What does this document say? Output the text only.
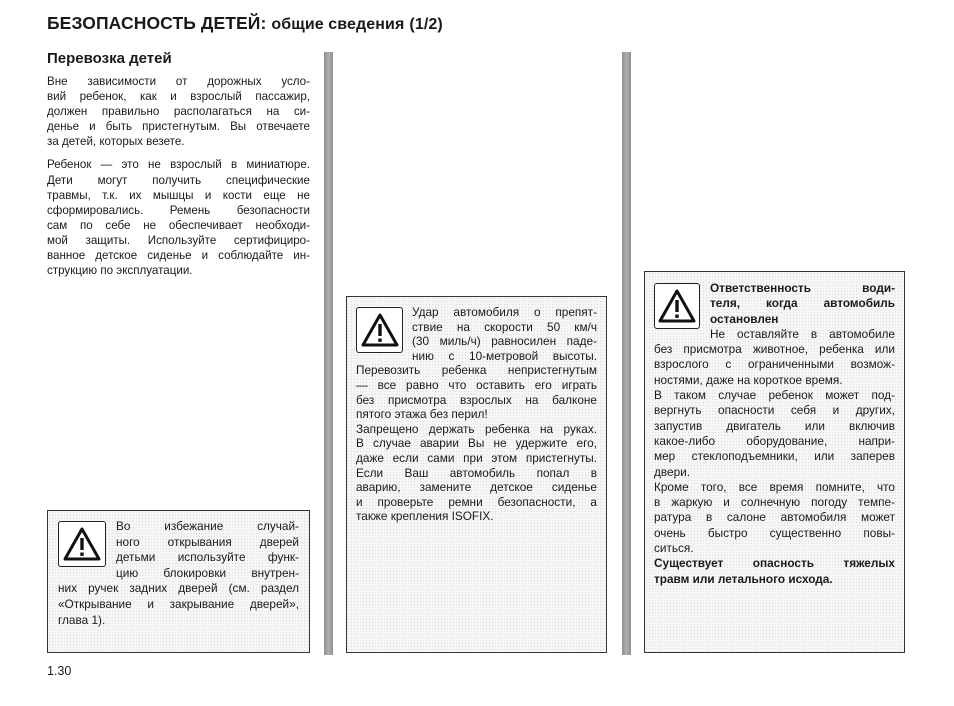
БЕЗОПАСНОСТЬ ДЕТЕЙ: общие сведения (1/2)
Перевозка детей

Вне зависимости от дорожных усло-
вий ребенок, как и взрослый пассажир,
должен правильно располагаться на си-
денье и быть пристегнутым. Вы отвечаете
за детей, которых везете.

Ребенок — это не взрослый в миниатюре.
Дети могут получить специфические
травмы, т.к. их мышцы и кости еще не
сформировались. Ремень безопасности
сам по себе не обеспечивает необходи-
мой защиты. Используйте сертифициро-
ванное детское сиденье и соблюдайте ин-
струкцию по эксплуатации.

Во избежание случай-
ного открывания дверей
детьми используйте функ-
цию блокировки внутрен-
них ручек задних дверей (см. раздел
«Открывание и закрывание дверей»,
глава 1).
Удар автомобиля о препят-
ствие на скорости 50 км/ч
(30 миль/ч) равносилен паде-
нию с 10-метровой высоты.
Перевозить ребенка непристегнутым
— все равно что оставить его играть
без присмотра взрослых на балконе
пятого этажа без перил!
Запрещено держать ребенка на руках.
В случае аварии Вы не удержите его,
даже если сами при этом пристегнуты.
Если Ваш автомобиль попал в
аварию, замените детское сиденье
и проверьте ремни безопасности, а
также крепления ISOFIX.
Ответственность води-
теля, когда автомобиль
остановлен
Не оставляйте в автомобиле
без присмотра животное, ребенка или
взрослого с ограниченными возмож-
ностями, даже на короткое время.
В таком случае ребенок может под-
вергнуть опасности себя и других,
запустив двигатель или включив
какое-либо оборудование, напри-
мер стеклоподъемники, или заперев
двери.
Кроме того, все время помните, что
в жаркую и солнечную погоду темпе-
ратура в салоне автомобиля может
очень быстро существенно повы-
ситься.
Существует опасность тяжелых
травм или летального исхода.
1.30
